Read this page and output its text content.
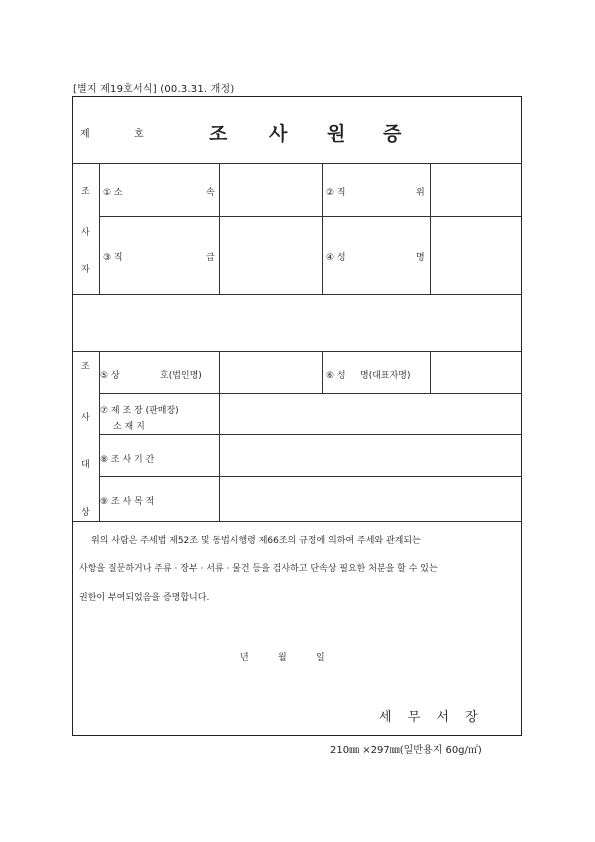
[별지 제19호서식] (00.3.31. 개정)
제	호	조 사 원 증
조
사
자
① 소	속	② 직	위
③ 직	급	④ 성	명
조
사
대
상
⑤ 상	호(법인명)	⑥ 성 명(대표자명)
⑦ 제 조 장 (판매장)
소 재 지
⑧ 조 사 기 간
⑨ 조 사 목 적
위의 사람은 주세법 제52조 및 동법시행령 제66조의 규정에 의하여 주세와 관계되는
사항을 질문하거나 주류 · 장부 · 서류 · 물건 등을 검사하고 단속상 필요한 처분을 할 수 있는
권한이 부여되었음을 증명합니다.
년	월	일
세 무 서 장
210㎜ ×297㎜(일반용지 60g/㎡)
